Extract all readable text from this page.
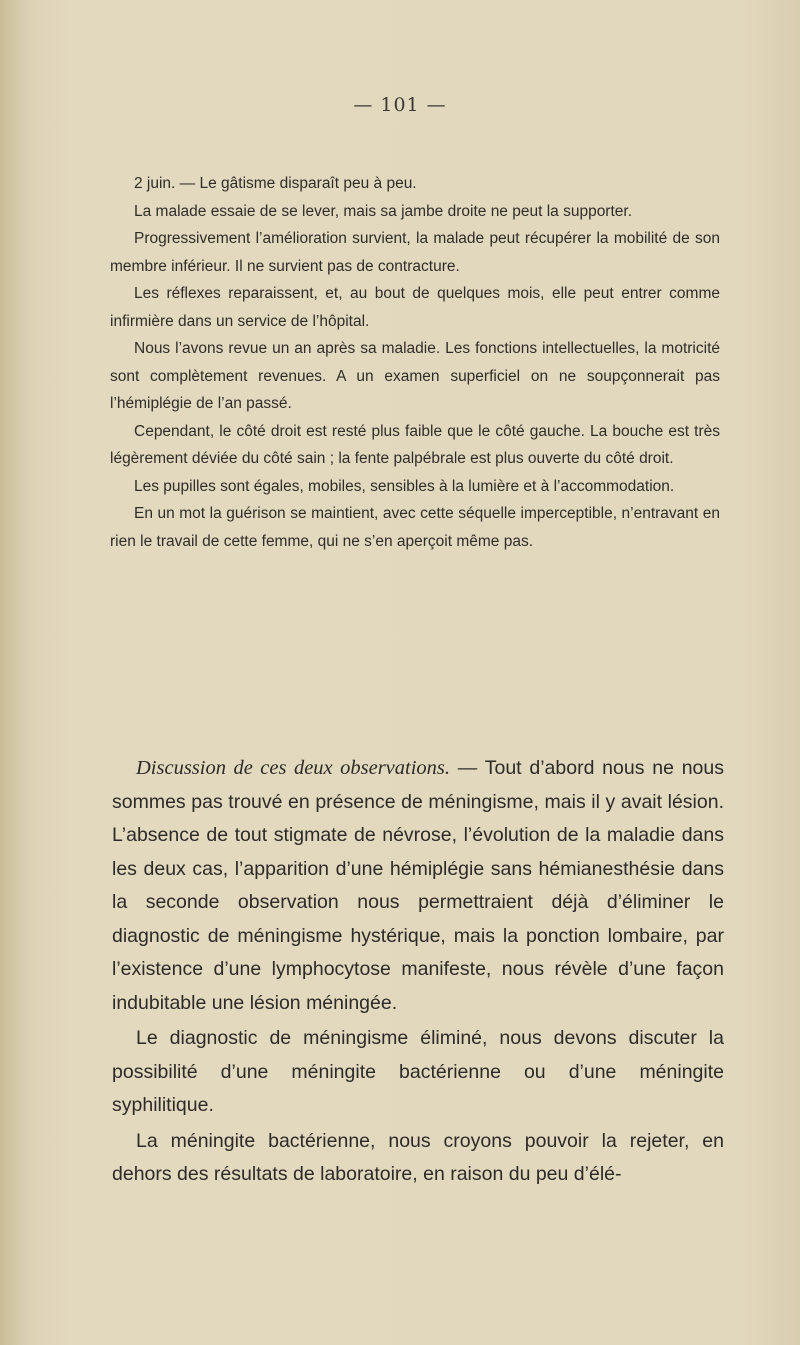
— 101 —

2 juin. — Le gâtisme disparaît peu à peu.

La malade essaie de se lever, mais sa jambe droite ne peut la supporter.

Progressivement l’amélioration survient, la malade peut récupérer la mobilité de son membre inférieur. Il ne survient pas de contracture.

Les réflexes reparaissent, et, au bout de quelques mois, elle peut entrer comme infirmière dans un service de l’hôpital.

Nous l’avons revue un an après sa maladie. Les fonctions intellectuelles, la motricité sont complètement revenues. A un examen superficiel on ne soupçonnerait pas l’hémiplégie de l’an passé.

Cependant, le côté droit est resté plus faible que le côté gauche. La bouche est très légèrement déviée du côté sain ; la fente palpébrale est plus ouverte du côté droit.

Les pupilles sont égales, mobiles, sensibles à la lumière et à l’accommodation.

En un mot la guérison se maintient, avec cette séquelle imperceptible, n’entravant en rien le travail de cette femme, qui ne s’en aperçoit même pas.

Discussion de ces deux observations. — Tout d’abord nous ne nous sommes pas trouvé en présence de méningisme, mais il y avait lésion. L’absence de tout stigmate de névrose, l’évolution de la maladie dans les deux cas, l’apparition d’une hémiplégie sans hémianesthésie dans la seconde observation nous permettraient déjà d’éliminer le diagnostic de méningisme hystérique, mais la ponction lombaire, par l’existence d’une lymphocytose manifeste, nous révèle d’une façon indubitable une lésion méningée.

Le diagnostic de méningisme éliminé, nous devons discuter la possibilité d’une méningite bactérienne ou d’une méningite syphilitique.

La méningite bactérienne, nous croyons pouvoir la rejeter, en dehors des résultats de laboratoire, en raison du peu d’élé-
